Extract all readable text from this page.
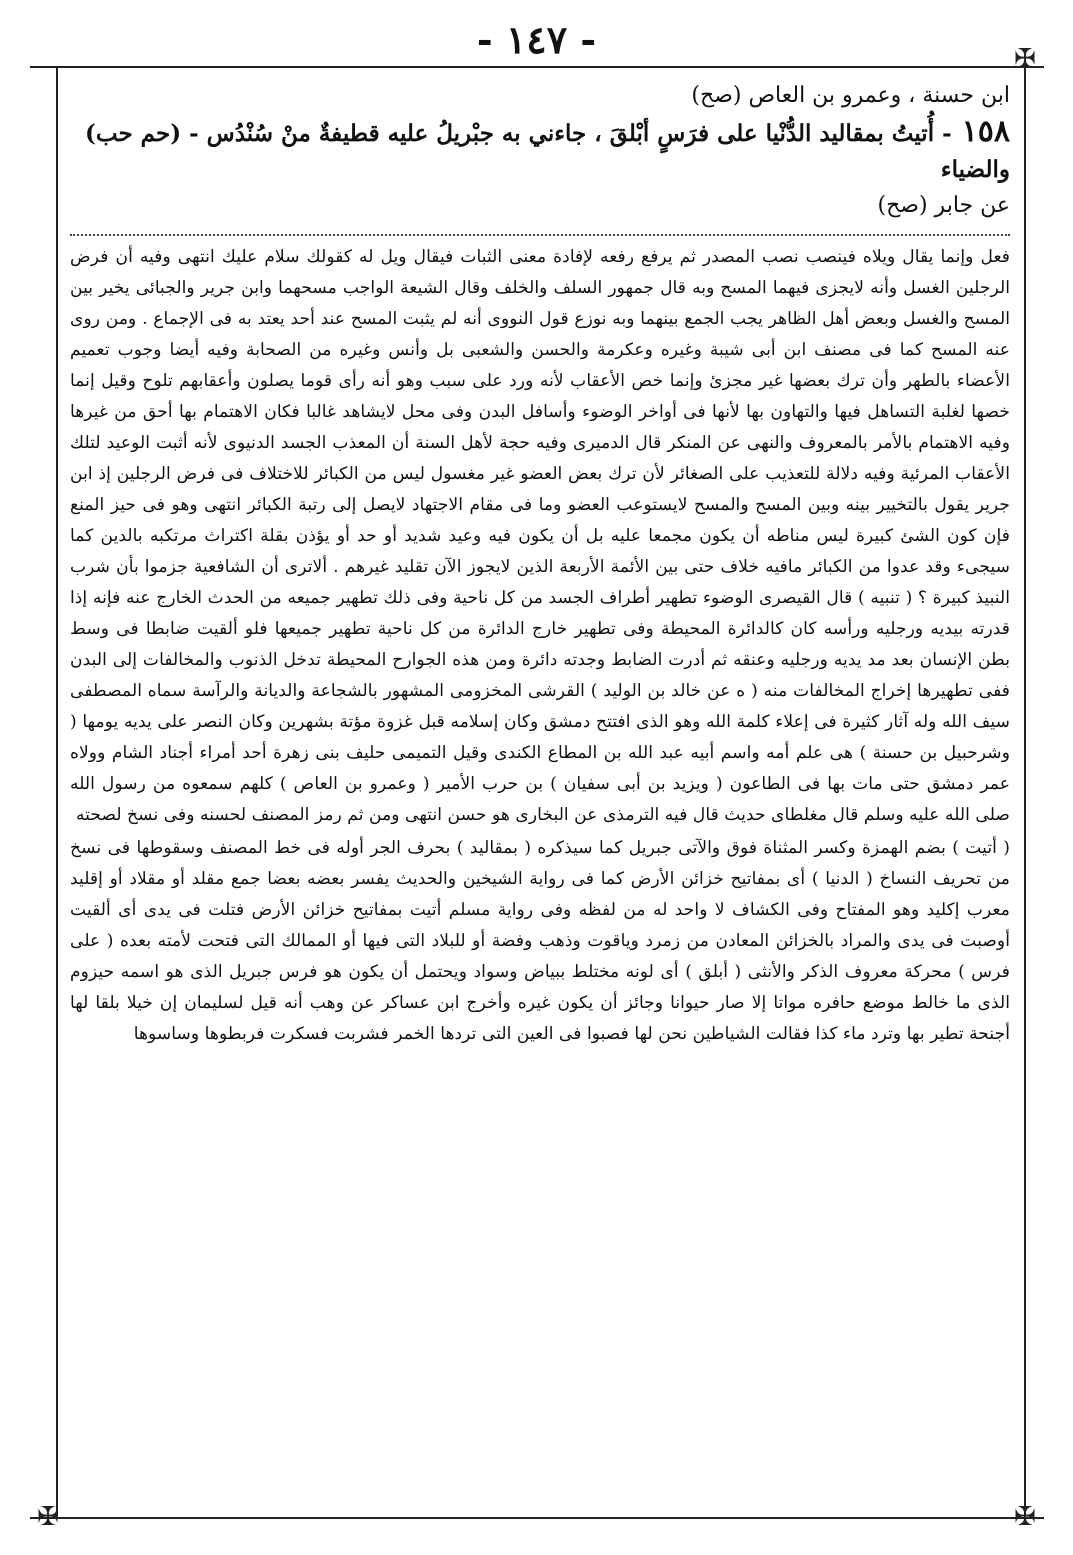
- ١٤٧ -	✠
✠	✠

ابن حسنة ، وعمرو بن العاص (صح)

١٥٨- أُتيتُ بمقاليد الدُّنْيا على فرَسٍ أبْلقَ ، جاءني به جبْريلُ عليه قطيفةٌ منْ سُنْدُس - (حم حب) والضياء

عن جابر (صح)

فعل وإنما يقال ويلاه فينصب نصب المصدر ثم يرفع رفعه لإفادة معنى الثبات فيقال ويل له كقولك سلام عليك انتهى وفيه أن فرض الرجلين الغسل وأنه لايجزى فيهما المسح وبه قال جمهور السلف والخلف وقال الشيعة الواجب مسحهما وابن جرير والجبائى يخير بين المسح والغسل وبعض أهل الظاهر يجب الجمع بينهما وبه نوزع قول النووى أنه لم يثبت المسح عند أحد يعتد به فى الإجماع . ومن روى عنه المسح كما فى مصنف ابن أبى شيبة وغيره وعكرمة والحسن والشعبى بل وأنس وغيره من الصحابة وفيه أيضا وجوب تعميم الأعضاء بالطهر وأن ترك بعضها غير مجزئ وإنما خص الأعقاب لأنه ورد على سبب وهو أنه رأى قوما يصلون وأعقابهم تلوح وقيل إنما خصها لغلبة التساهل فيها والتهاون بها لأنها فى أواخر الوضوء وأسافل البدن وفى محل لايشاهد غالبا فكان الاهتمام بها أحق من غيرها وفيه الاهتمام بالأمر بالمعروف والنهى عن المنكر قال الدميرى وفيه حجة لأهل السنة أن المعذب الجسد الدنيوى لأنه أثبت الوعيد لتلك الأعقاب المرئية وفيه دلالة للتعذيب على الصغائر لأن ترك بعض العضو غير مغسول ليس من الكبائر للاختلاف فى فرض الرجلين إذ ابن جرير يقول بالتخيير بينه وبين المسح والمسح لايستوعب العضو وما فى مقام الاجتهاد لايصل إلى رتبة الكبائر انتهى وهو فى حيز المنع فإن كون الشئ كبيرة ليس مناطه أن يكون مجمعا عليه بل أن يكون فيه وعيد شديد أو حد أو يؤذن بقلة اكتراث مرتكبه بالدين كما سيجىء وقد عدوا من الكبائر مافيه خلاف حتى بين الأئمة الأربعة الذين لايجوز الآن تقليد غيرهم . ألاترى أن الشافعية جزموا بأن شرب النبيذ كبيرة ؟ ( تنبيه ) قال القيصرى الوضوء تطهير أطراف الجسد من كل ناحية وفى ذلك تطهير جميعه من الحدث الخارج عنه فإنه إذا قدرته بيديه ورجليه ورأسه كان كالدائرة المحيطة وفى تطهير خارج الدائرة من كل ناحية تطهير جميعها فلو ألقيت ضابطا فى وسط بطن الإنسان بعد مد يديه ورجليه وعنقه ثم أدرت الضابط وجدته دائرة ومن هذه الجوارح المحيطة تدخل الذنوب والمخالفات إلى البدن ففى تطهيرها إخراج المخالفات منه ( ه عن خالد بن الوليد ) القرشى المخزومى المشهور بالشجاعة والديانة والرآسة سماه المصطفى سيف الله وله آثار كثيرة فى إعلاء كلمة الله وهو الذى افتتح دمشق وكان إسلامه قبل غزوة مؤتة بشهرين وكان النصر على يديه يومها ( وشرحبيل بن حسنة ) هى علم أمه واسم أبيه عبد الله بن المطاع الكندى وقيل التميمى حليف بنى زهرة أحد أمراء أجناد الشام وولاه عمر دمشق حتى مات بها فى الطاعون ( ويزيد بن أبى سفيان ) بن حرب الأمير ( وعمرو بن العاص ) كلهم سمعوه من رسول الله صلى الله عليه وسلم قال مغلطاى حديث قال فيه الترمذى عن البخارى هو حسن انتهى ومن ثم رمز المصنف لحسنه وفى نسخ لصحته

( أتيت ) بضم الهمزة وكسر المثناة فوق والآتى جبريل كما سيذكره ( بمقاليد ) بحرف الجر أوله فى خط المصنف وسقوطها فى نسخ من تحريف النساخ ( الدنيا ) أى بمفاتيح خزائن الأرض كما فى رواية الشيخين والحديث يفسر بعضه بعضا جمع مقلد أو مقلاد أو إقليد معرب إكليد وهو المفتاح وفى الكشاف لا واحد له من لفظه وفى رواية مسلم أتيت بمفاتيح خزائن الأرض فتلت فى يدى أى ألقيت أوصبت فى يدى والمراد بالخزائن المعادن من زمرد وياقوت وذهب وفضة أو للبلاد التى فيها أو الممالك التى فتحت لأمته بعده ( على فرس ) محركة معروف الذكر والأنثى ( أبلق ) أى لونه مختلط ببياض وسواد ويحتمل أن يكون هو فرس جبريل الذى هو اسمه حيزوم الذى ما خالط موضع حافره مواتا إلا صار حيوانا وجائز أن يكون غيره وأخرج ابن عساكر عن وهب أنه قيل لسليمان إن خيلا بلقا لها أجنحة تطير بها وترد ماء كذا فقالت الشياطين نحن لها فصبوا فى العين التى تردها الخمر فشربت فسكرت فربطوها وساسوها
